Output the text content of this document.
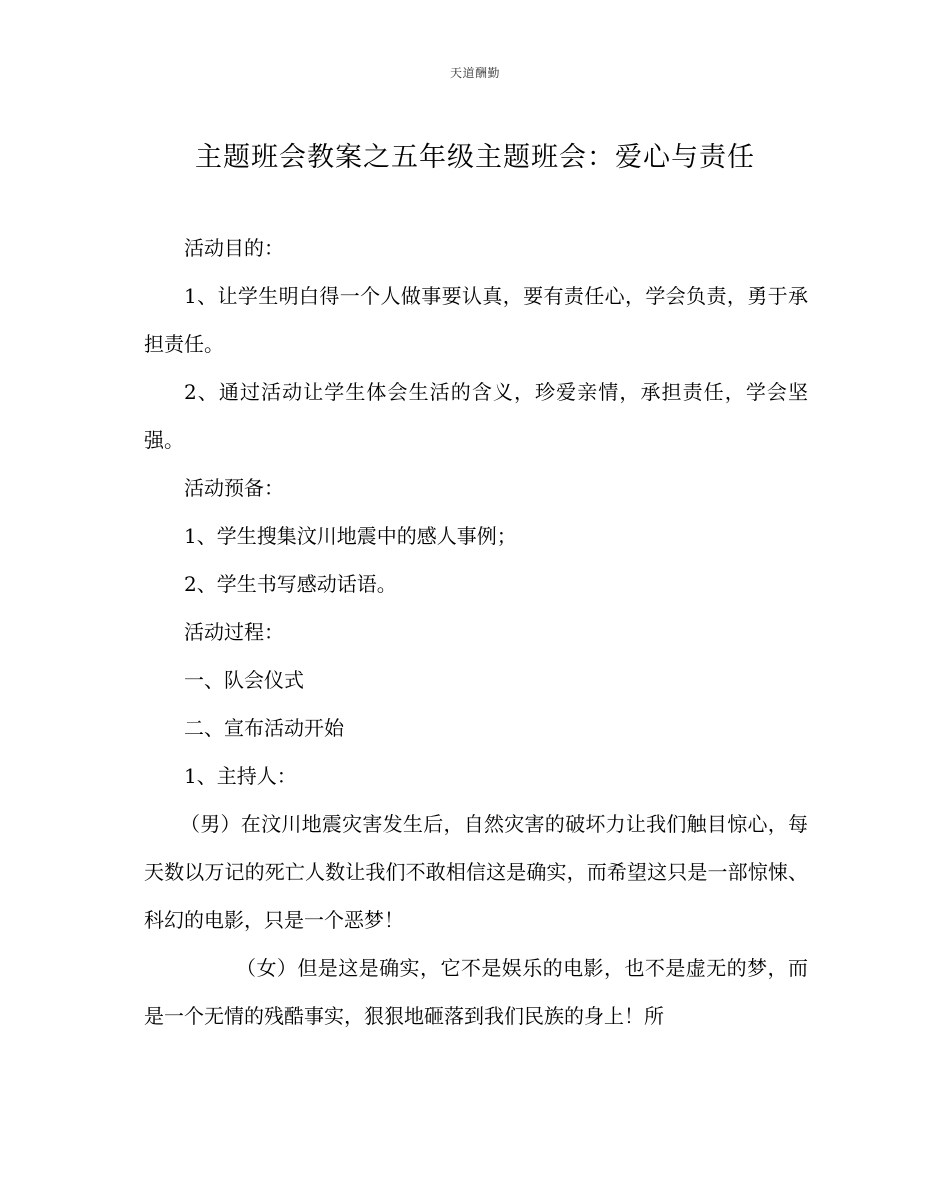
天道酬勤
主题班会教案之五年级主题班会：爱心与责任

活动目的：

1、让学生明白得一个人做事要认真，要有责任心，学会负责，勇于承担责任。

2、通过活动让学生体会生活的含义，珍爱亲情，承担责任，学会坚强。

活动预备：

1、学生搜集汶川地震中的感人事例；

2、学生书写感动话语。

活动过程：

一、队会仪式

二、宣布活动开始

1、主持人：

（男）在汶川地震灾害发生后，自然灾害的破坏力让我们触目惊心，每天数以万记的死亡人数让我们不敢相信这是确实，而希望这只是一部惊悚、科幻的电影，只是一个恶梦！

（女）但是这是确实，它不是娱乐的电影，也不是虚无的梦，而是一个无情的残酷事实，狠狠地砸落到我们民族的身上！所
